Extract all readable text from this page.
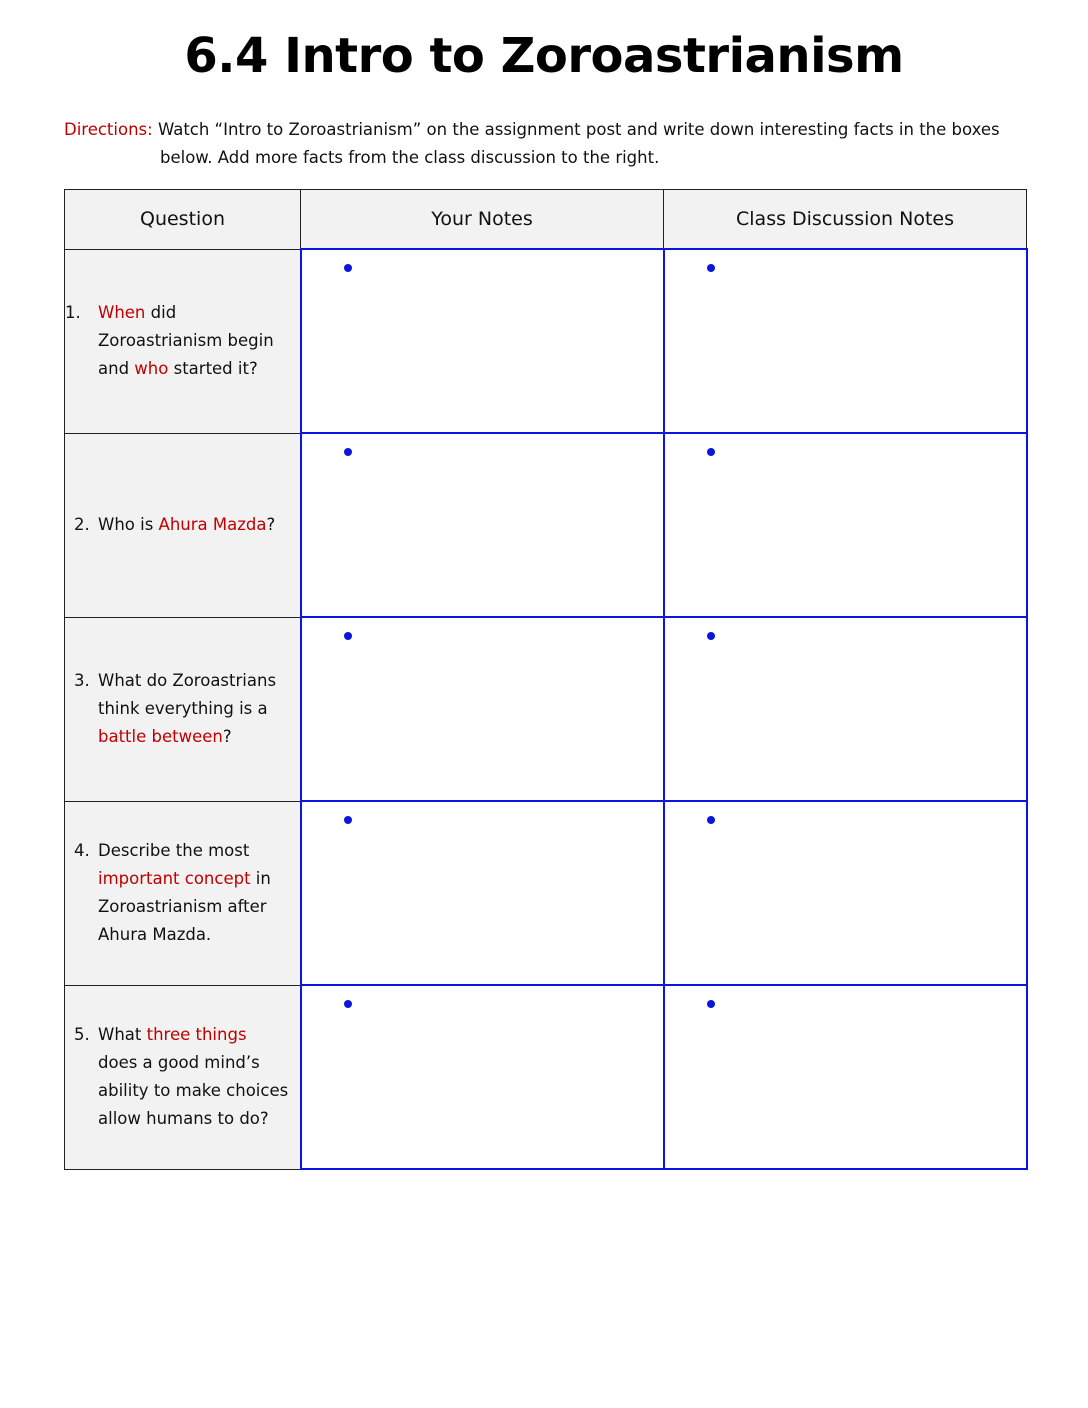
6.4 Intro to Zoroastrianism
Directions: Watch “Intro to Zoroastrianism” on the assignment post and write down interesting facts in the boxes
below. Add more facts from the class discussion to the right.
Question	Your Notes	Class Discussion Notes

1. When did Zoroastrianism begin and who started it?		

2. Who is Ahura Mazda?		

3. What do Zoroastrians think everything is a battle between?		

4. Describe the most important concept in Zoroastrianism after Ahura Mazda.		

5. What three things does a good mind’s ability to make choices allow humans to do?		
